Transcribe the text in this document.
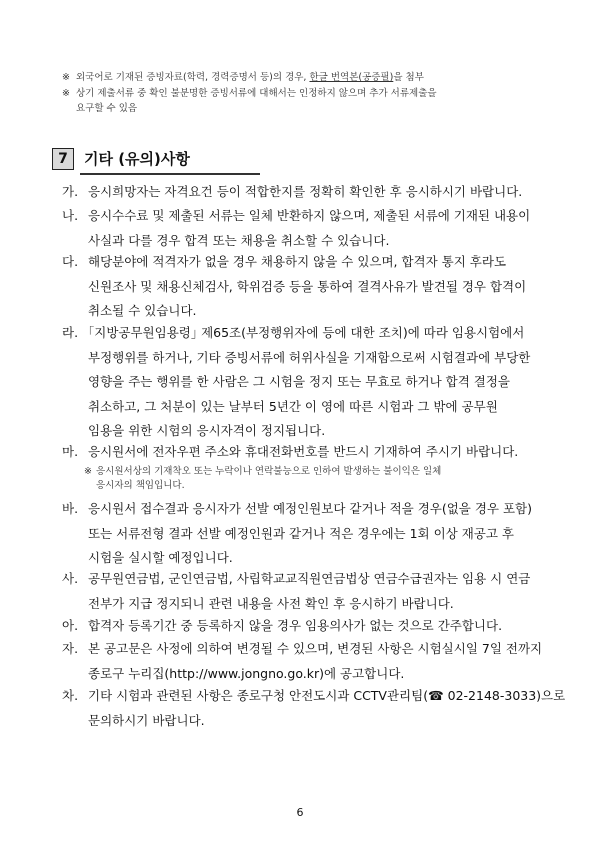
※ 외국어로 기재된 증빙자료(학력, 경력증명서 등)의 경우, 한글 번역본(공증필)을 첨부
※ 상기 제출서류 중 확인 불분명한 증빙서류에 대해서는 인정하지 않으며 추가 서류제출을
요구할 수 있음
7	기타 (유의)사항
가. 응시희망자는 자격요건 등이 적합한지를 정확히 확인한 후 응시하시기 바랍니다.
나. 응시수수료 및 제출된 서류는 일체 반환하지 않으며, 제출된 서류에 기재된 내용이
사실과 다를 경우 합격 또는 채용을 취소할 수 있습니다.
다. 해당분야에 적격자가 없을 경우 채용하지 않을 수 있으며, 합격자 통지 후라도
신원조사 및 채용신체검사, 학위검증 등을 통하여 결격사유가 발견될 경우 합격이
취소될 수 있습니다.
라. ｢지방공무원임용령｣ 제65조(부정행위자에 등에 대한 조치)에 따라 임용시험에서
부정행위를 하거나, 기타 증빙서류에 허위사실을 기재함으로써 시험결과에 부당한
영향을 주는 행위를 한 사람은 그 시험을 정지 또는 무효로 하거나 합격 결정을
취소하고, 그 처분이 있는 날부터 5년간 이 영에 따른 시험과 그 밖에 공무원
임용을 위한 시험의 응시자격이 정지됩니다.
마. 응시원서에 전자우편 주소와 휴대전화번호를 반드시 기재하여 주시기 바랍니다.
※ 응시원서상의 기재착오 또는 누락이나 연락불능으로 인하여 발생하는 불이익은 일체
응시자의 책임입니다.
바. 응시원서 접수결과 응시자가 선발 예정인원보다 같거나 적을 경우(없을 경우 포함)
또는 서류전형 결과 선발 예정인원과 같거나 적은 경우에는 1회 이상 재공고 후
시험을 실시할 예정입니다.
사. 공무원연금법, 군인연금법, 사립학교교직원연금법상 연금수급권자는 임용 시 연금
전부가 지급 정지되니 관련 내용을 사전 확인 후 응시하기 바랍니다.
아. 합격자 등록기간 중 등록하지 않을 경우 임용의사가 없는 것으로 간주합니다.
자. 본 공고문은 사정에 의하여 변경될 수 있으며, 변경된 사항은 시험실시일 7일 전까지
종로구 누리집(http://www.jongno.go.kr)에 공고합니다.
차. 기타 시험과 관련된 사항은 종로구청 안전도시과 CCTV관리팀(☎ 02-2148-3033)으로
문의하시기 바랍니다.
6
